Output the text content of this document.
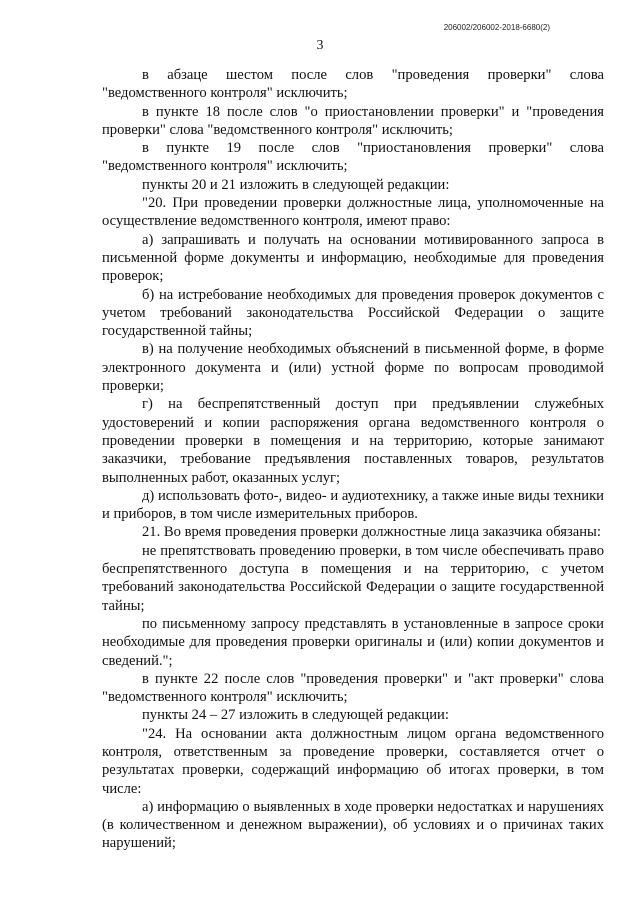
206002/206002-2018-6680(2)
3

в абзаце шестом после слов "проведения проверки" слова "ведомственного контроля" исключить;

в пункте 18 после слов "о приостановлении проверки" и "проведения проверки" слова "ведомственного контроля" исключить;

в пункте 19 после слов "приостановления проверки" слова "ведомственного контроля" исключить;

пункты 20 и 21 изложить в следующей редакции:

"20. При проведении проверки должностные лица, уполномоченные на осуществление ведомственного контроля, имеют право:

а) запрашивать и получать на основании мотивированного запроса в письменной форме документы и информацию, необходимые для проведения проверок;

б) на истребование необходимых для проведения проверок документов с учетом требований законодательства Российской Федерации о защите государственной тайны;

в) на получение необходимых объяснений в письменной форме, в форме электронного документа и (или) устной форме по вопросам проводимой проверки;

г) на беспрепятственный доступ при предъявлении служебных удостоверений и копии распоряжения органа ведомственного контроля о проведении проверки в помещения и на территорию, которые занимают заказчики, требование предъявления поставленных товаров, результатов выполненных работ, оказанных услуг;

д) использовать фото-, видео- и аудиотехнику, а также иные виды техники и приборов, в том числе измерительных приборов.

21. Во время проведения проверки должностные лица заказчика обязаны:

не препятствовать проведению проверки, в том числе обеспечивать право беспрепятственного доступа в помещения и на территорию, с учетом требований законодательства Российской Федерации о защите государственной тайны;

по письменному запросу представлять в установленные в запросе сроки необходимые для проведения проверки оригиналы и (или) копии документов и сведений.";

в пункте 22 после слов "проведения проверки" и "акт проверки" слова "ведомственного контроля" исключить;

пункты 24 – 27 изложить в следующей редакции:

"24. На основании акта должностным лицом органа ведомственного контроля, ответственным за проведение проверки, составляется отчет о результатах проверки, содержащий информацию об итогах проверки, в том числе:

а) информацию о выявленных в ходе проверки недостатках и нарушениях (в количественном и денежном выражении), об условиях и о причинах таких нарушений;
